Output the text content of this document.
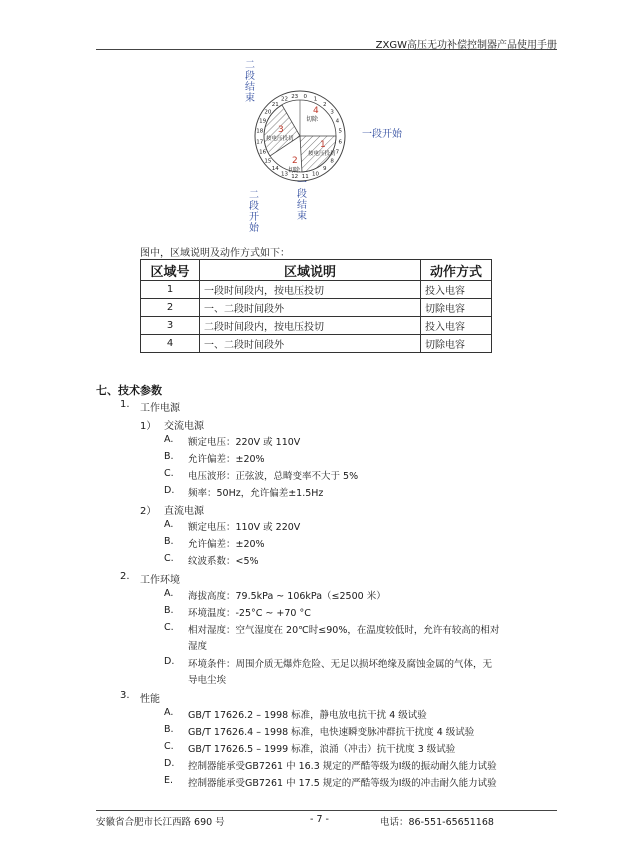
ZXGW高压无功补偿控制器产品使用手册
20
21
22 23 0 1
2
3
4
5
6
7
8
9
10
11
12
13
14
15
16
17
18
19
二
段
结
束
一段开始
二
段
开
始
一
段
结
束
4
切除
3
按电压投切
1
按电压投切
2
切除
图中，区域说明及动作方式如下：
区域号	区域说明	动作方式
1	一段时间段内，按电压投切	投入电容
2	一、二段时间段外	切除电容
3	二段时间段内，按电压投切	投入电容
4	一、二段时间段外	切除电容
七、技术参数
1. 工作电源
1） 交流电源
A. 额定电压：220V 或 110V
B. 允许偏差：±20%
C. 电压波形：正弦波，总畸变率不大于 5%
D. 频率：50Hz，允许偏差±1.5Hz
2） 直流电源
A. 额定电压：110V 或 220V
B. 允许偏差：±20%
C. 纹波系数：<5%
2. 工作环境
A. 海拔高度：79.5kPa ~ 106kPa（≤2500 米）
B. 环境温度：-25°C ~ +70 °C
C. 相对湿度：空气湿度在 20℃时≤90%，在温度较低时，允许有较高的相对
湿度
D. 环境条件：周围介质无爆炸危险、无足以损坏绝缘及腐蚀金属的气体，无
导电尘埃
3. 性能
A. GB/T 17626.2 – 1998 标准，静电放电抗干扰 4 级试验
B. GB/T 17626.4 – 1998 标准，电快速瞬变脉冲群抗干扰度 4 级试验
C. GB/T 17626.5 – 1999 标准，浪涌（冲击）抗干扰度 3 级试验
D. 控制器能承受GB7261 中 16.3 规定的严酷等级为Ⅰ级的振动耐久能力试验
E. 控制器能承受GB7261 中 17.5 规定的严酷等级为Ⅰ级的冲击耐久能力试验
安徽省合肥市长江西路 690 号	- 7 -	电话：86-551-65651168
